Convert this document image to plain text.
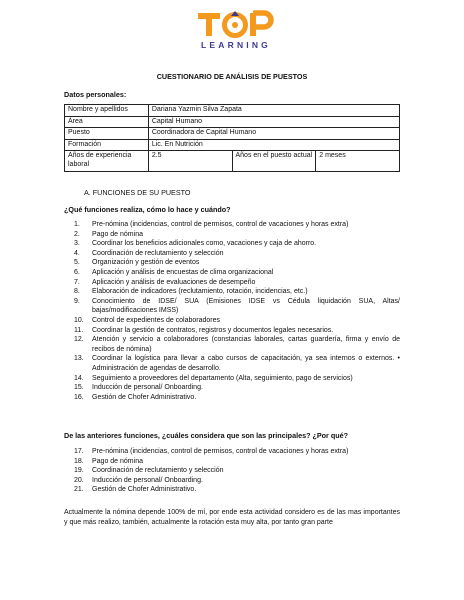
LEARNING
CUESTIONARIO DE ANÁLISIS DE PUESTOS
Datos personales:
Nombre y apellidos	Dariana Yazmin Silva Zapata		
Área	Capital Humano		
Puesto	Coordinadora de Capital Humano		
Formación	Lic. En Nutrición		
Años de experiencia laboral	2.5	Años en el puesto actual	2 meses
A. FUNCIONES DE SU PUESTO
¿Qué funciones realiza, cómo lo hace y cuándo?
1. Pre-nómina (incidencias, control de permisos, control de vacaciones y horas extra)
2. Pago de nómina
3. Coordinar los beneficios adicionales como, vacaciones y caja de ahorro.
4. Coordinación de reclutamiento y selección
5. Organización y gestión de eventos
6. Aplicación y análisis de encuestas de clima organizacional
7. Aplicación y análisis de evaluaciones de desempeño
8. Elaboración de indicadores (reclutamiento, rotación, incidencias, etc.)
9. Conocimiento de IDSE/ SUA (Emisiones IDSE vs Cédula liquidación SUA, Altas/ bajas/modificaciones IMSS)
10. Control de expedientes de colaboradores
11. Coordinar la gestión de contratos, registros y documentos legales necesarios.
12. Atención y servicio a colaboradores (constancias laborales, cartas guardería, firma y envío de recibos de nómina)
13. Coordinar la logística para llevar a cabo cursos de capacitación, ya sea internos o externos. • Administración de agendas de desarrollo.
14. Seguimiento a proveedores del departamento (Alta, seguimiento, pago de servicios)
15. Inducción de personal/ Onboarding.
16. Gestión de Chofer Administrativo.
De las anteriores funciones, ¿cuáles considera que son las principales? ¿Por qué?
17. Pre-nómina (incidencias, control de permisos, control de vacaciones y horas extra)
18. Pago de nómina
19. Coordinación de reclutamiento y selección
20. Inducción de personal/ Onboarding.
21. Gestión de Chofer Administrativo.
Actualmente la nómina depende 100% de mí, por ende esta actividad considero es de las mas importantes y que más realizo, también, actualmente la rotación esta muy alta, por tanto gran parte
